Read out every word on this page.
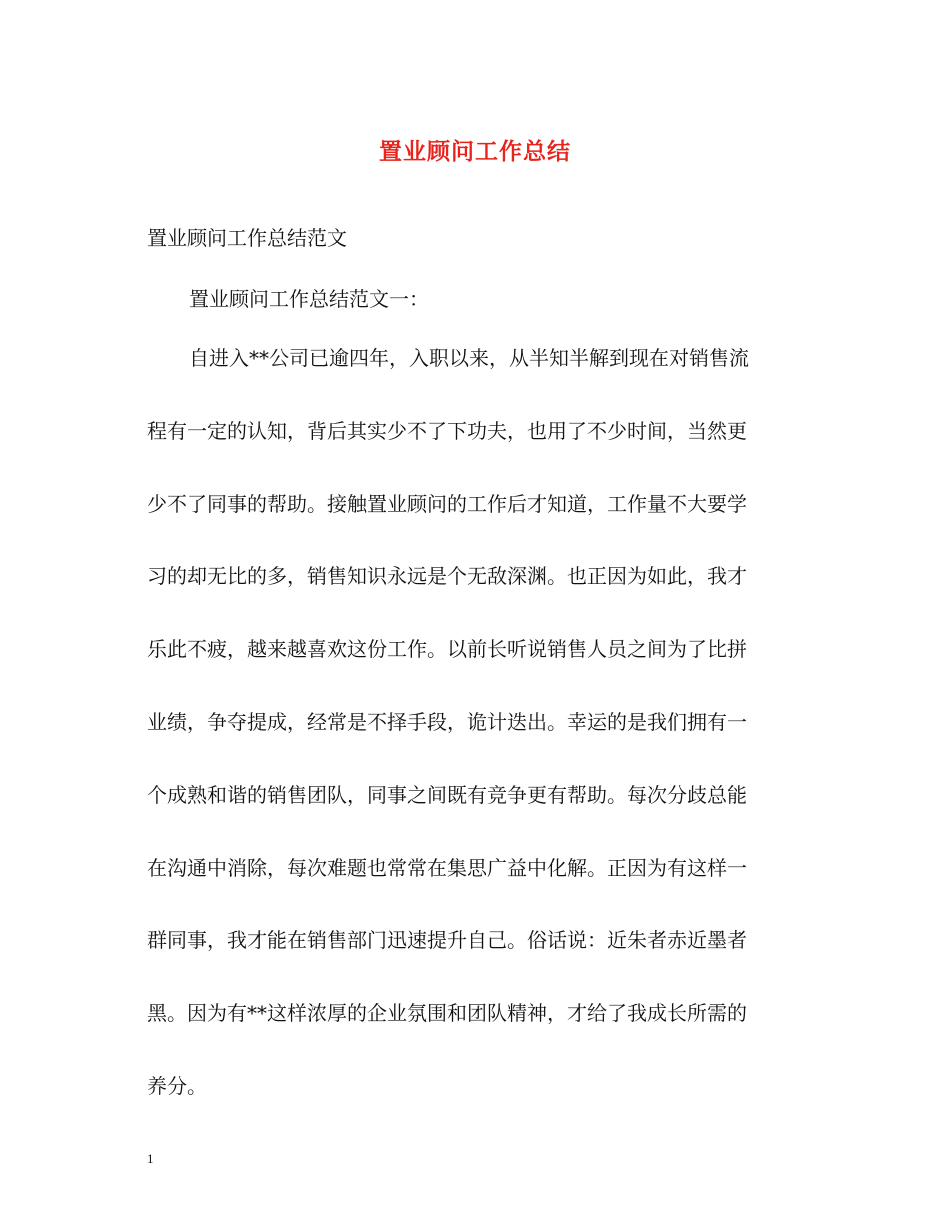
置业顾问工作总结

置业顾问工作总结范文

置业顾问工作总结范文一：

自进入**公司已逾四年，入职以来，从半知半解到现在对销售流
程有一定的认知，背后其实少不了下功夫，也用了不少时间，当然更
少不了同事的帮助。接触置业顾问的工作后才知道，工作量不大要学
习的却无比的多，销售知识永远是个无敌深渊。也正因为如此，我才
乐此不疲，越来越喜欢这份工作。以前长听说销售人员之间为了比拼
业绩，争夺提成，经常是不择手段，诡计迭出。幸运的是我们拥有一
个成熟和谐的销售团队，同事之间既有竞争更有帮助。每次分歧总能
在沟通中消除，每次难题也常常在集思广益中化解。正因为有这样一
群同事，我才能在销售部门迅速提升自己。俗话说：近朱者赤近墨者
黑。因为有**这样浓厚的企业氛围和团队精神，才给了我成长所需的
养分。
1
